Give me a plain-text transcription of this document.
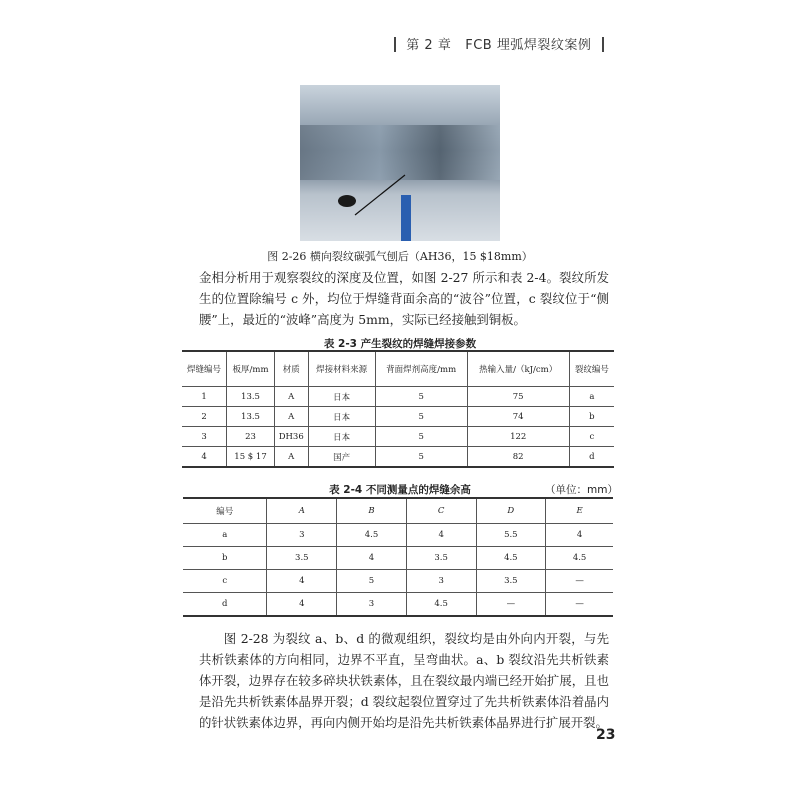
第 2 章 FCB 埋弧焊裂纹案例
图 2-26 横向裂纹碳弧气刨后（AH36，15 $18mm）
金相分析用于观察裂纹的深度及位置，如图 2-27 所示和表 2-4。裂纹所发生的位置除编号 c 外，均位于焊缝背面余高的“波谷”位置，c 裂纹位于“侧腰”上，最近的“波峰”高度为 5mm，实际已经接触到铜板。
表 2-3 产生裂纹的焊缝焊接参数
焊缝编号	板厚/mm	材质	焊接材料来源	背面焊剂高度/mm	热输入量/（kJ/cm）	裂纹编号
1	13.5	A	日本	5	75	a
2	13.5	A	日本	5	74	b
3	23	DH36	日本	5	122	c
4	15 $ 17	A	国产	5	82	d
表 2-4 不同测量点的焊缝余高	（单位：mm）
编号	A	B	C	D	E
a	3	4.5	4	5.5	4
b	3.5	4	3.5	4.5	4.5
c	4	5	3	3.5	—
d	4	3	4.5	—	—
图 2-28 为裂纹 a、b、d 的微观组织，裂纹均是由外向内开裂，与先共析铁素体的方向相同，边界不平直，呈弯曲状。a、b 裂纹沿先共析铁素体开裂，边界存在较多碎块状铁素体，且在裂纹最内端已经开始扩展，且也是沿先共析铁素体晶界开裂；d 裂纹起裂位置穿过了先共析铁素体沿着晶内的针状铁素体边界，再向内侧开始均是沿先共析铁素体晶界进行扩展开裂。
23
